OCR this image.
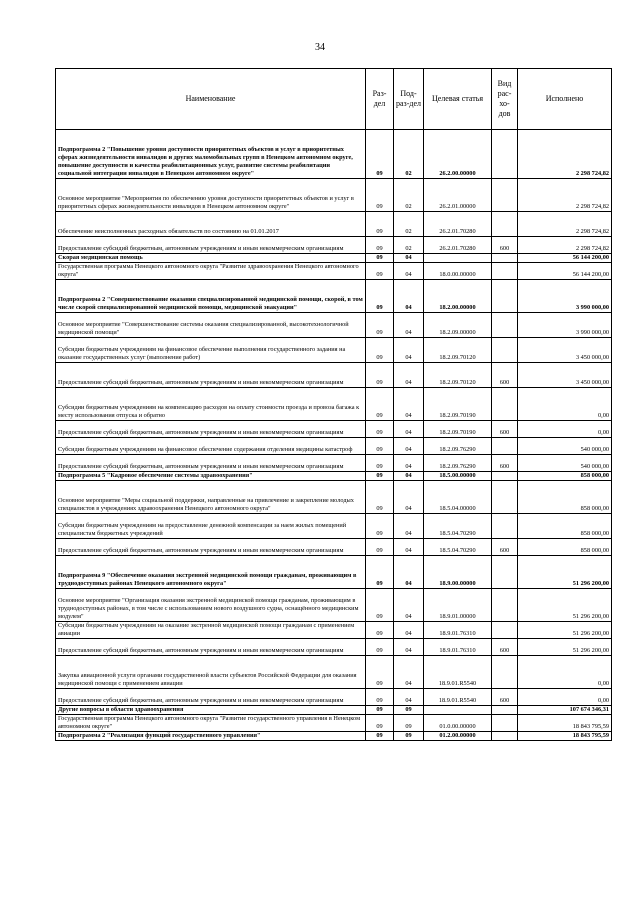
34
Наименование	Раз-дел	Под-раз-дел	Целевая статья	Вид рас-хо-дов	Исполнено
Подпрограмма 2 "Повышение уровня доступности приоритетных объектов и услуг в приоритетных сферах жизнедеятельности инвалидов и других маломобильных групп в Ненецком автономном округе, повышение доступности и качества реабилитационных услуг, развитие системы реабилитации социальной интеграции инвалидов в Ненецком автономном округе"	09	02	26.2.00.00000		2 298 724,82
Основное мероприятие "Мероприятия по обеспечению уровня доступности приоритетных объектов и услуг в приоритетных сферах жизнедеятельности инвалидов в Ненецком автономном округе"	09	02	26.2.01.00000		2 298 724,82
Обеспечение неисполненных расходных обязательств по состоянию на 01.01.2017	09	02	26.2.01.70280		2 298 724,82
Предоставление субсидий бюджетным, автономным учреждениям и иным некоммерческим организациям	09	02	26.2.01.70280	600	2 298 724,82
Скорая медицинская помощь	09	04			56 144 200,00
Государственная программа Ненецкого автономного округа "Развитие здравоохранения Ненецкого автономного округа"	09	04	18.0.00.00000		56 144 200,00
Подпрограмма 2 "Совершенствование оказания специализированной медицинской помощи, скорой, в том числе скорой специализированной медицинской помощи, медицинской эвакуации"	09	04	18.2.00.00000		3 990 000,00
Основное мероприятие "Совершенствование системы оказания специализированной, высокотехнологичной медицинской помощи"	09	04	18.2.09.00000		3 990 000,00
Субсидии бюджетным учреждениям на финансовое обеспечение выполнения государственного задания на оказание государственных услуг (выполнение работ)	09	04	18.2.09.70120		3 450 000,00
Предоставление субсидий бюджетным, автономным учреждениям и иным некоммерческим организациям	09	04	18.2.09.70120	600	3 450 000,00
Субсидии бюджетным учреждениям на компенсацию расходов на оплату стоимости проезда и провоза багажа к месту использования отпуска и обратно	09	04	18.2.09.70190		0,00
Предоставление субсидий бюджетным, автономным учреждениям и иным некоммерческим организациям	09	04	18.2.09.70190	600	0,00
Субсидии бюджетным учреждениям на финансовое обеспечение содержания отделения медицины катастроф	09	04	18.2.09.76290		540 000,00
Предоставление субсидий бюджетным, автономным учреждениям и иным некоммерческим организациям	09	04	18.2.09.76290	600	540 000,00
Подпрограмма 5 "Кадровое обеспечение системы здравоохранения"	09	04	18.5.00.00000		858 000,00
Основное мероприятие "Меры социальной поддержки, направленные на привлечение и закрепление молодых специалистов в учреждениях здравоохранения Ненецкого автономного округа"	09	04	18.5.04.00000		858 000,00
Субсидии бюджетным учреждениям на предоставление денежной компенсации за наем жилых помещений специалистам бюджетных учреждений	09	04	18.5.04.70290		858 000,00
Предоставление субсидий бюджетным, автономным учреждениям и иным некоммерческим организациям	09	04	18.5.04.70290	600	858 000,00
Подпрограмма 9 "Обеспечение оказания экстренной медицинской помощи гражданам, проживающим в труднодоступных районах Ненецкого автономного округа"	09	04	18.9.00.00000		51 296 200,00
Основное мероприятие "Организация оказания экстренной медицинской помощи гражданам, проживающим в труднодоступных районах, в том числе с использованием нового воздушного судна, оснащённого медицинским модулем"	09	04	18.9.01.00000		51 296 200,00
Субсидии бюджетным учреждениям на оказание экстренной медицинской помощи гражданам с применением авиации	09	04	18.9.01.76310		51 296 200,00
Предоставление субсидий бюджетным, автономным учреждениям и иным некоммерческим организациям	09	04	18.9.01.76310	600	51 296 200,00
Закупка авиационной услуги органами государственной власти субъектов Российской Федерации для оказания медицинской помощи с применением авиации	09	04	18.9.01.R5540		0,00
Предоставление субсидий бюджетным, автономным учреждениям и иным некоммерческим организациям	09	04	18.9.01.R5540	600	0,00
Другие вопросы в области здравоохранения	09	09			107 674 346,31
Государственная программа Ненецкого автономного округа "Развитие государственного управления в Ненецком автономном округе"	09	09	01.0.00.00000		18 843 795,59
Подпрограмма 2 "Реализация функций государственного управления"	09	09	01.2.00.00000		18 843 795,59
